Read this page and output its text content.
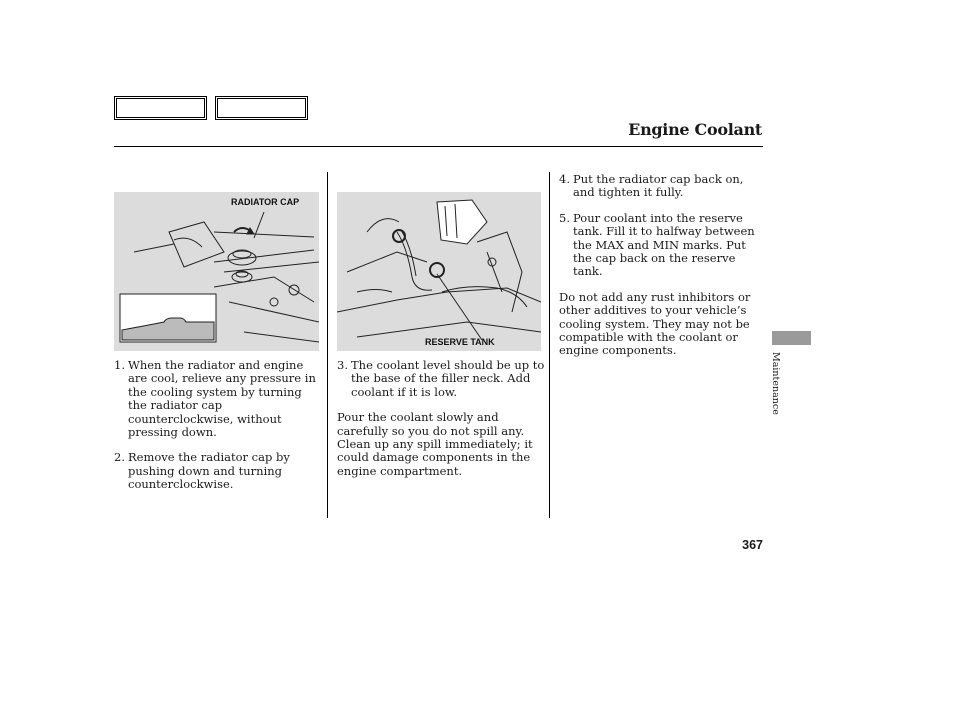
Engine Coolant
RADIATOR CAP
RESERVE TANK
1. When the radiator and engine are cool, relieve any pressure in the cooling system by turning the radiator cap counterclockwise, without pressing down.
2. Remove the radiator cap by pushing down and turning counterclockwise.
3. The coolant level should be up to the base of the filler neck. Add coolant if it is low.
Pour the coolant slowly and carefully so you do not spill any. Clean up any spill immediately; it could damage components in the engine compartment.
4. Put the radiator cap back on, and tighten it fully.
5. Pour coolant into the reserve tank. Fill it to halfway between the MAX and MIN marks. Put the cap back on the reserve tank.
Do not add any rust inhibitors or other additives to your vehicle’s cooling system. They may not be compatible with the coolant or engine components.
Maintenance
367
